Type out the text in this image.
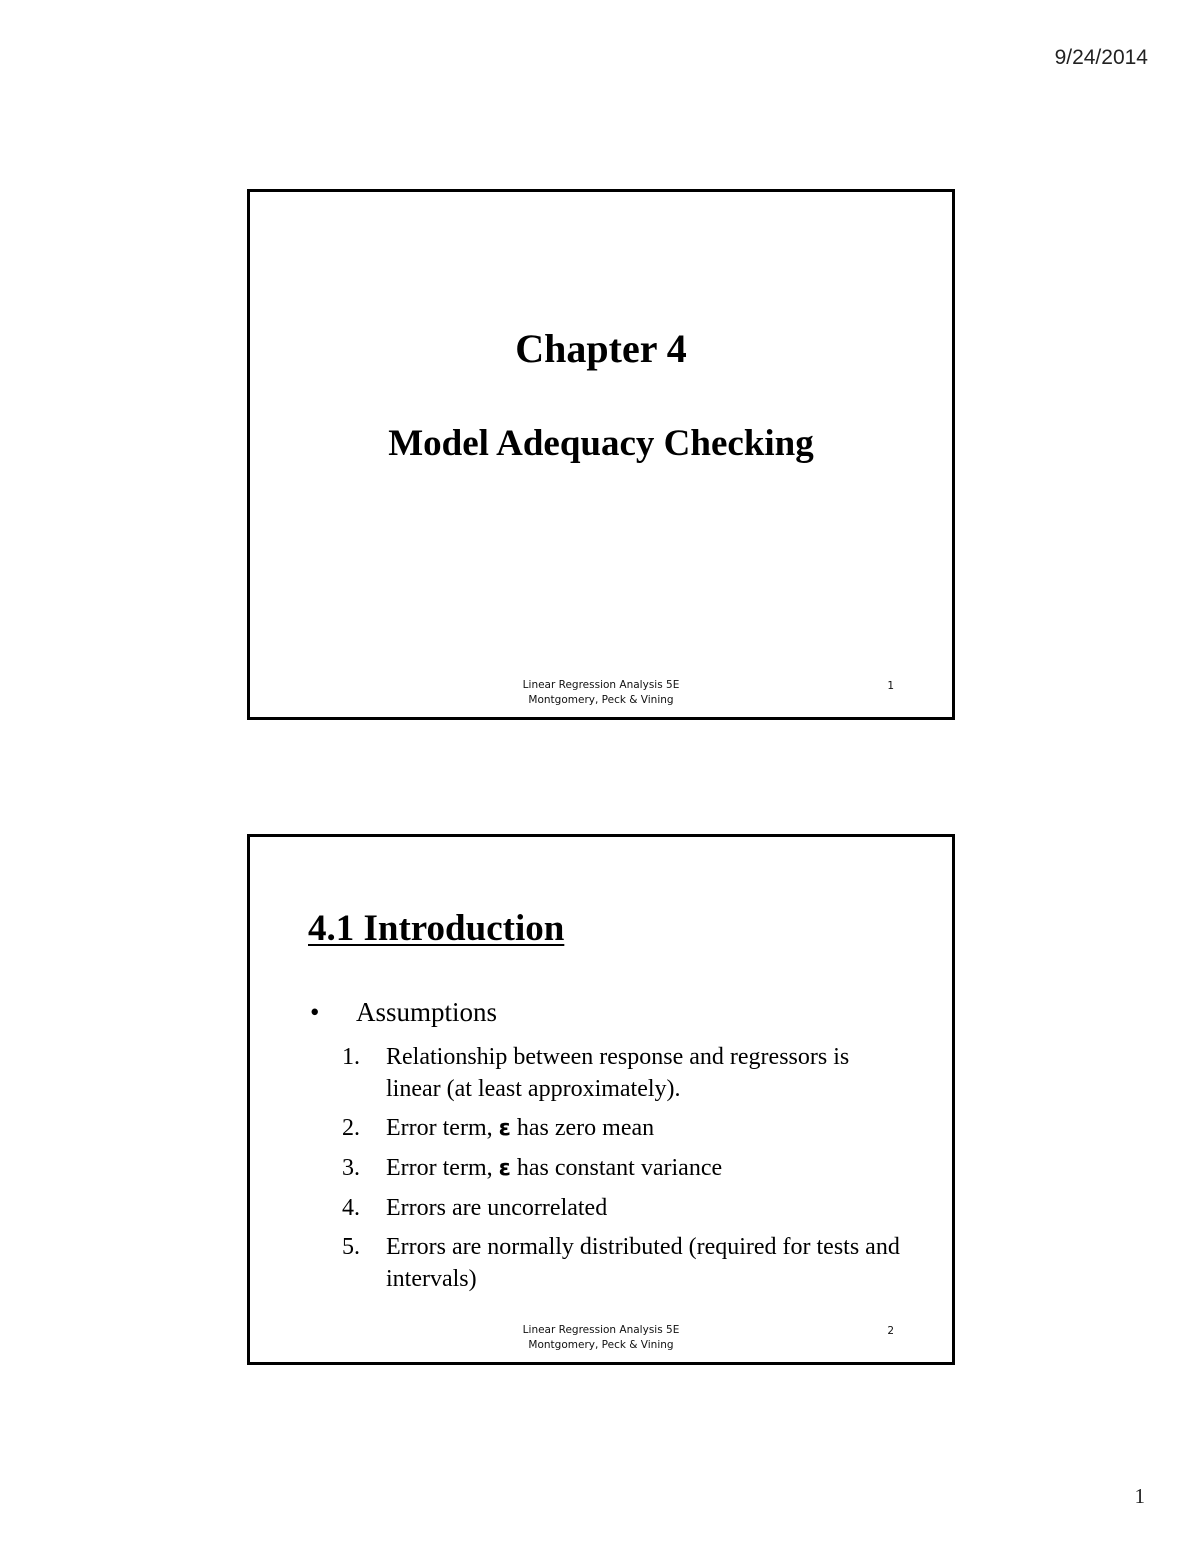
9/24/2014
Chapter 4
Model Adequacy Checking
Linear Regression Analysis 5E
Montgomery, Peck & Vining
1
4.1 Introduction
• Assumptions
1. Relationship between response and regressors is linear (at least approximately).
2. Error term, ε has zero mean
3. Error term, ε has constant variance
4. Errors are uncorrelated
5. Errors are normally distributed (required for tests and intervals)
Linear Regression Analysis 5E
Montgomery, Peck & Vining
2
1
